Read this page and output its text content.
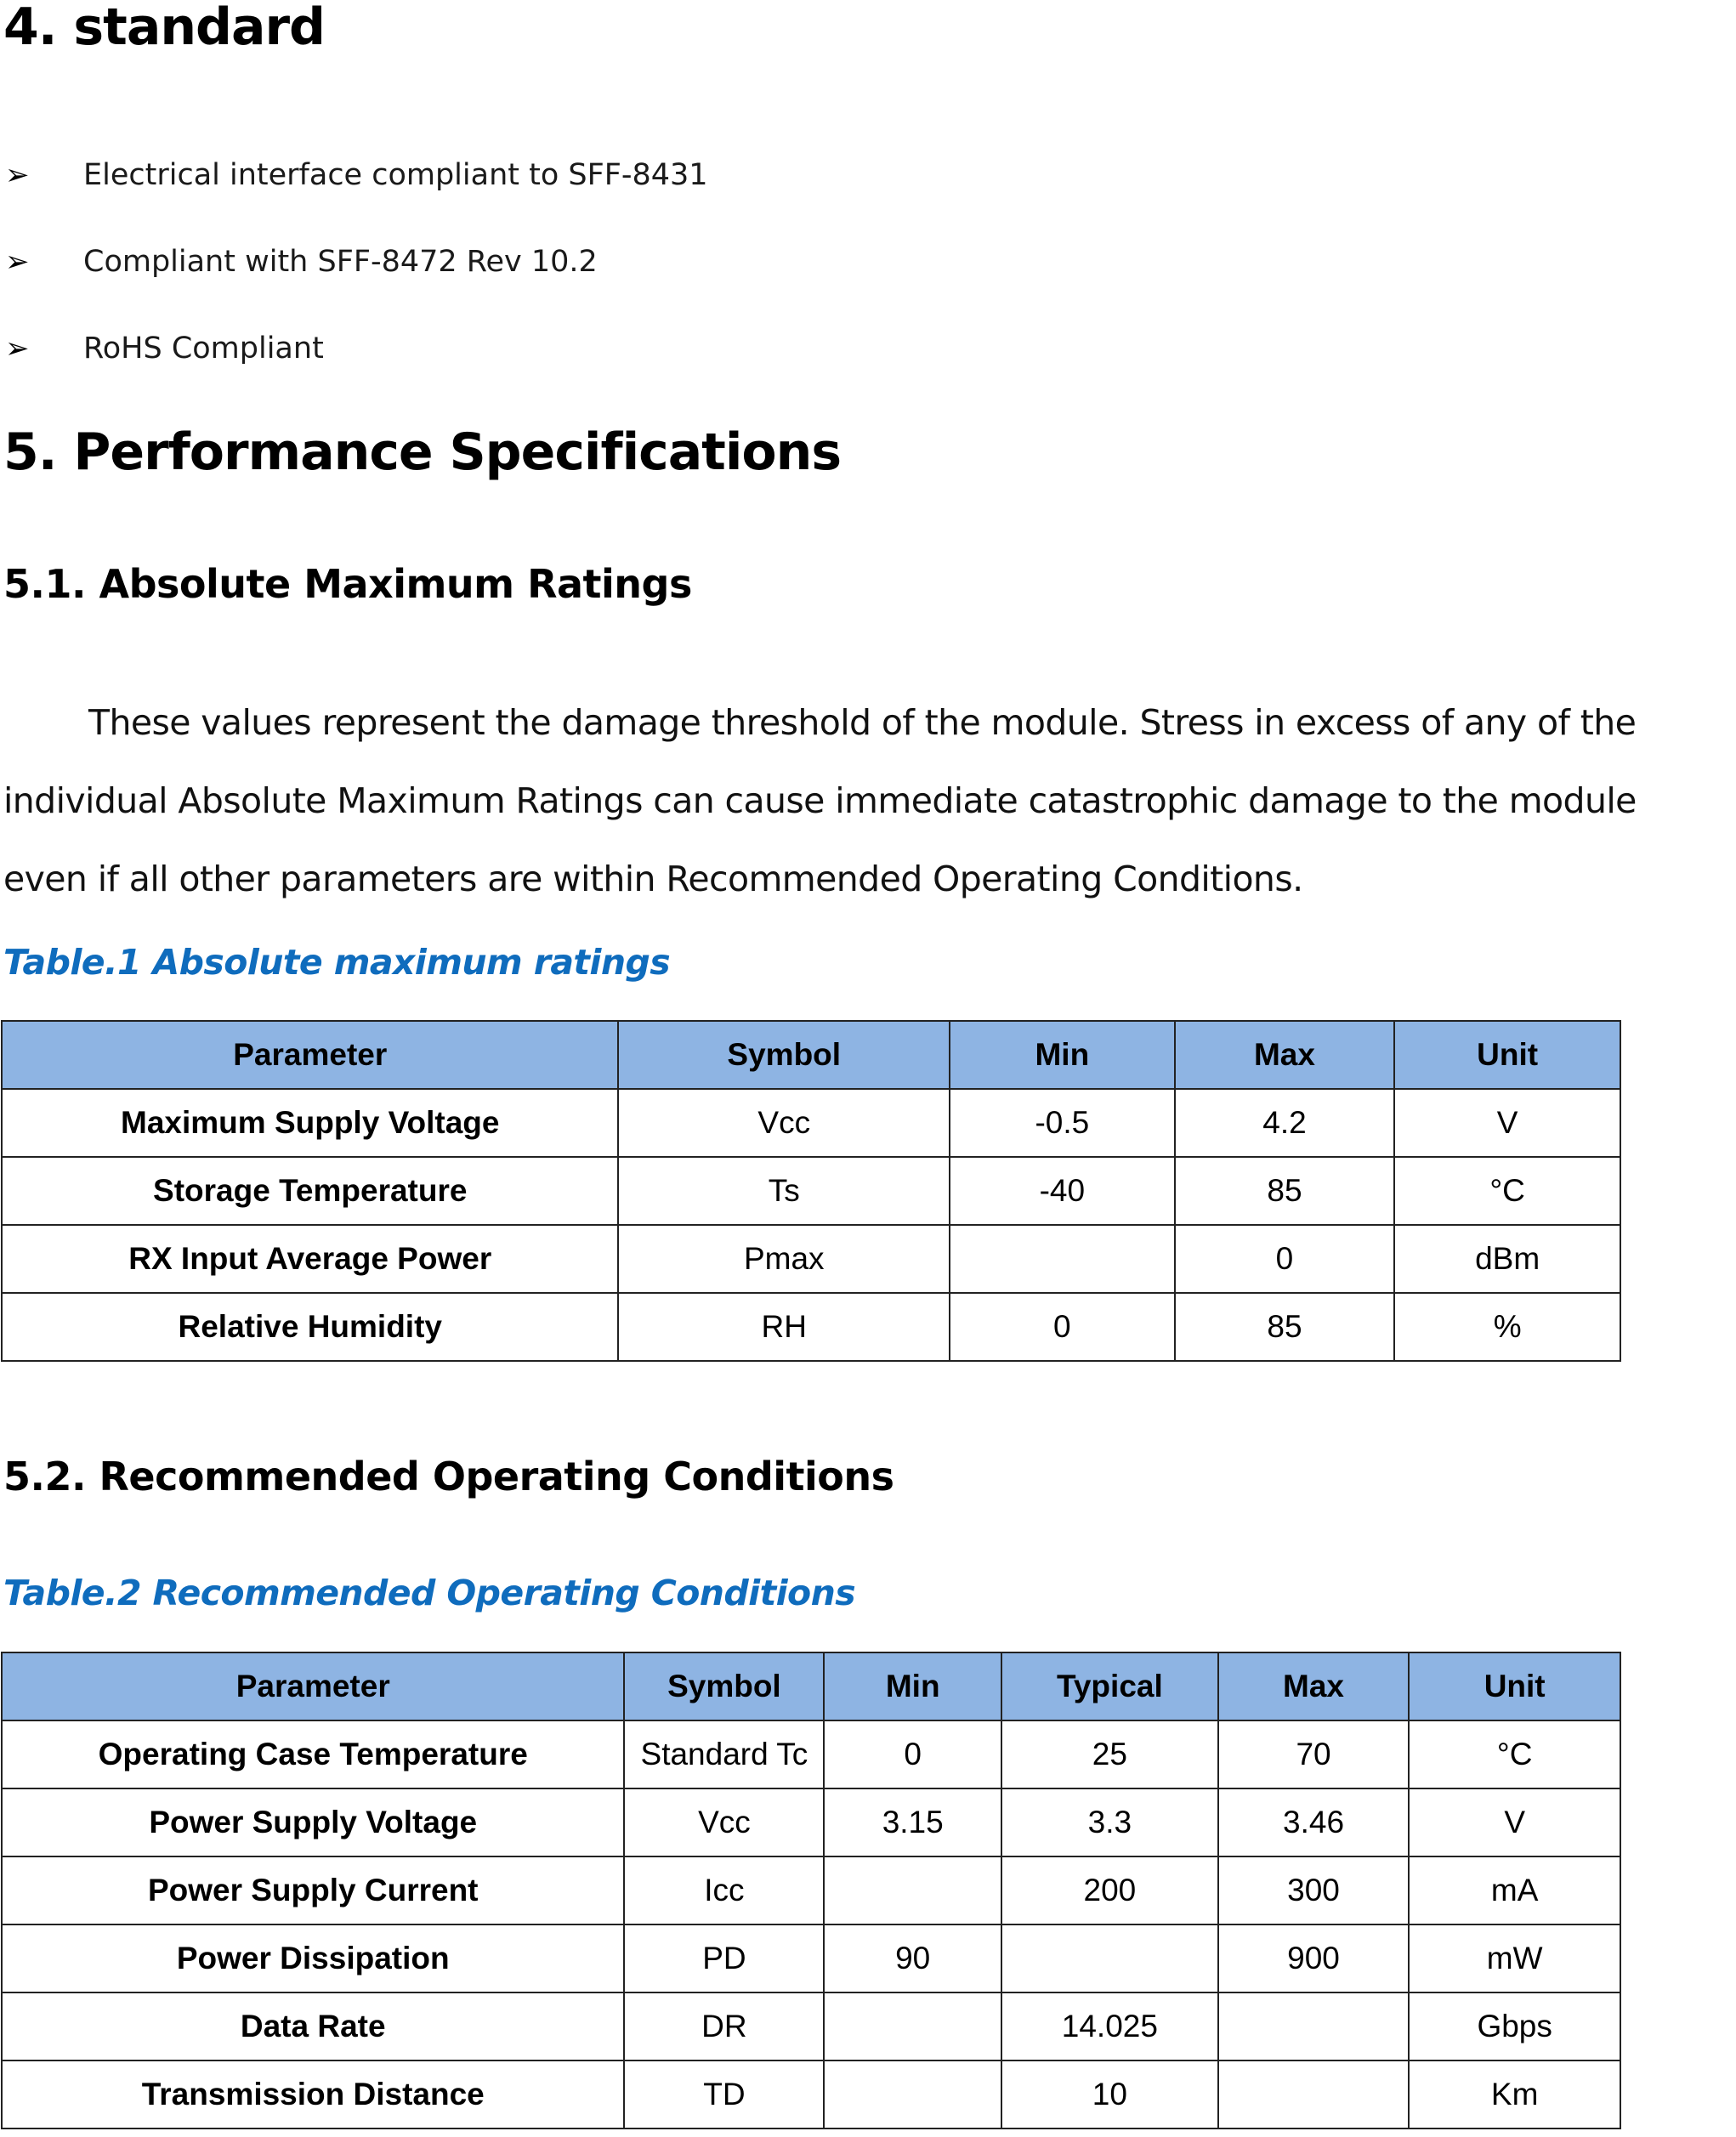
4. standard
➢	Electrical interface compliant to SFF-8431
➢	Compliant with SFF-8472 Rev 10.2
➢	RoHS Compliant
5. Performance Specifications
5.1. Absolute Maximum Ratings

These values represent the damage threshold of the module. Stress in excess of any of the individual Absolute Maximum Ratings can cause immediate catastrophic damage to the module even if all other parameters are within Recommended Operating Conditions.

Table.1 Absolute maximum ratings

Parameter	Symbol	Min	Max	Unit
Maximum Supply Voltage	Vcc	-0.5	4.2	V
Storage Temperature	Ts	-40	85	°C
RX Input Average Power	Pmax		0	dBm
Relative Humidity	RH	0	85	%
5.2. Recommended Operating Conditions

Table.2 Recommended Operating Conditions

Parameter	Symbol	Min	Typical	Max	Unit
Operating Case Temperature	Standard Tc	0	25	70	°C
Power Supply Voltage	Vcc	3.15	3.3	3.46	V
Power Supply Current	Icc		200	300	mA
Power Dissipation	PD	90		900	mW
Data Rate	DR		14.025		Gbps
Transmission Distance	TD		10		Km
